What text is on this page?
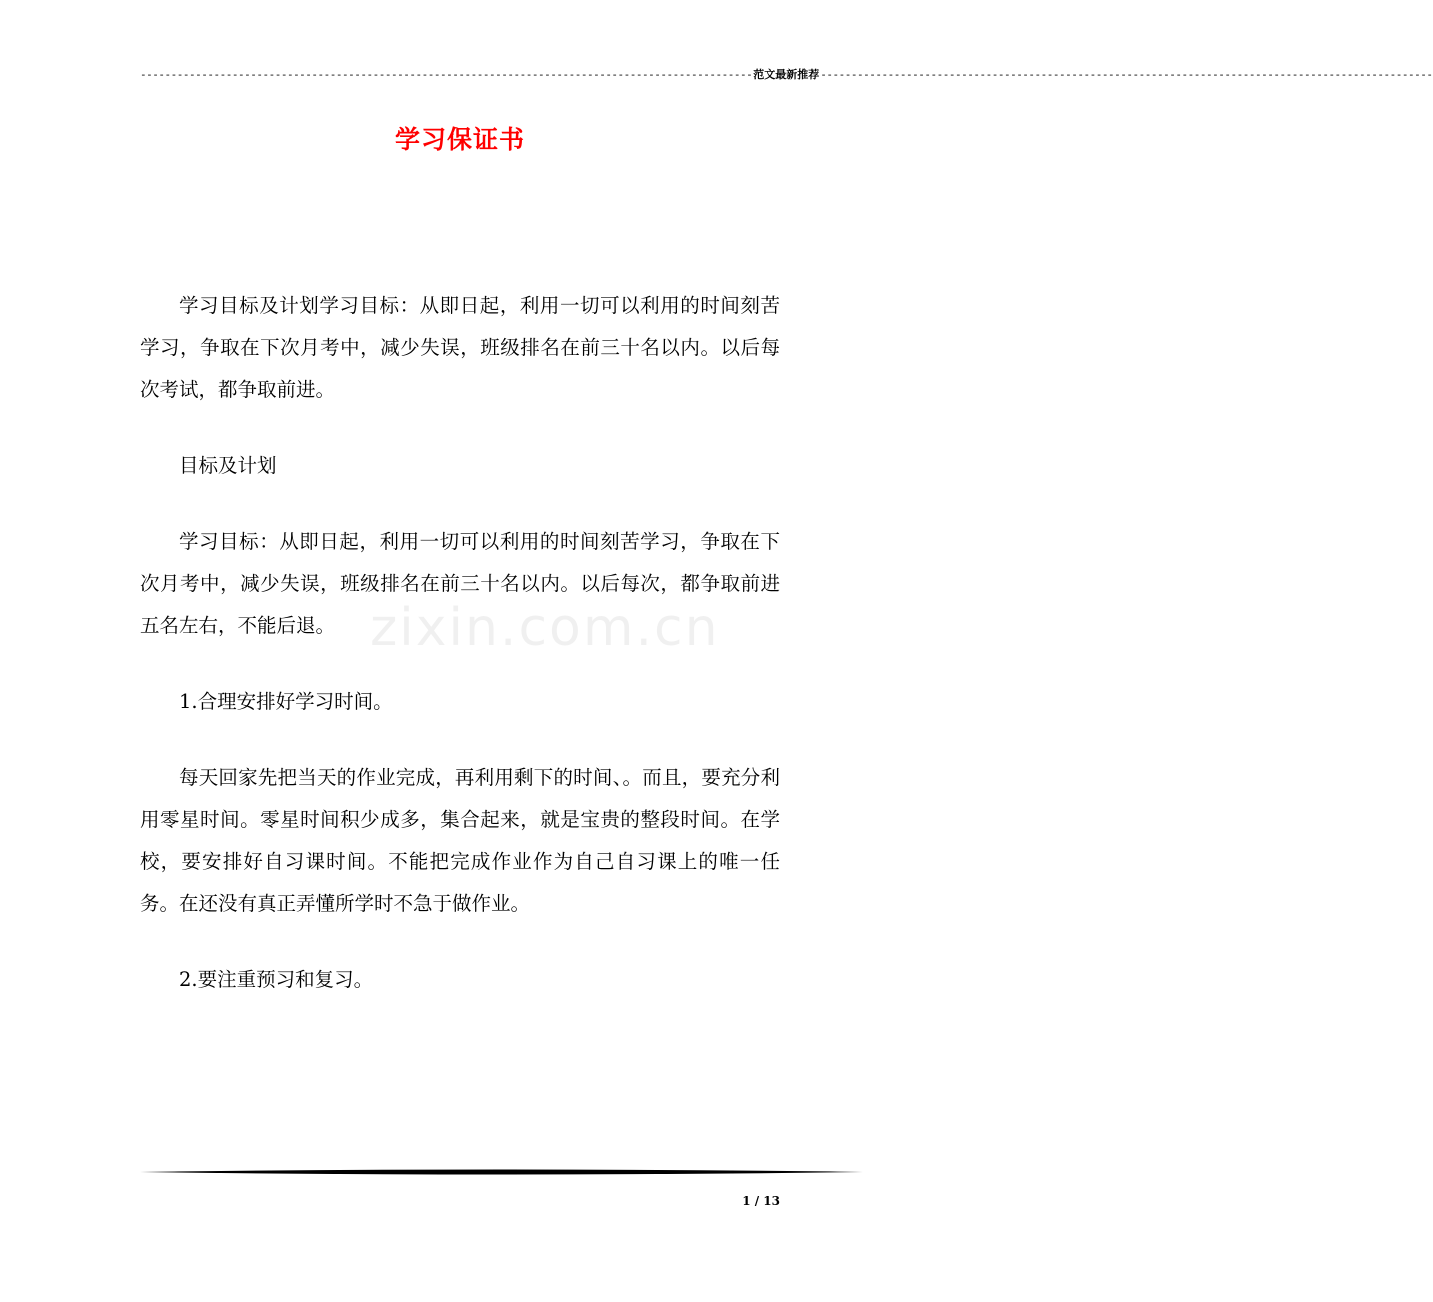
---------------------------------------------------------------------------------------------------- 范文最新推荐 ----------------------------------------------------------------------------------------------------
学习保证书
zixin.com.cn

学习目标及计划学习目标：从即日起，利用一切可以利用的时间刻苦学习，争取在下次月考中，减少失误，班级排名在前三十名以内。以后每次考试，都争取前进。

目标及计划

学习目标：从即日起，利用一切可以利用的时间刻苦学习，争取在下次月考中，减少失误，班级排名在前三十名以内。以后每次，都争取前进五名左右，不能后退。

1.合理安排好学习时间。

每天回家先把当天的作业完成，再利用剩下的时间、。而且，要充分利用零星时间。零星时间积少成多，集合起来，就是宝贵的整段时间。在学校，要安排好自习课时间。不能把完成作业作为自己自习课上的唯一任务。在还没有真正弄懂所学时不急于做作业。

2.要注重预习和复习。

1 / 13
